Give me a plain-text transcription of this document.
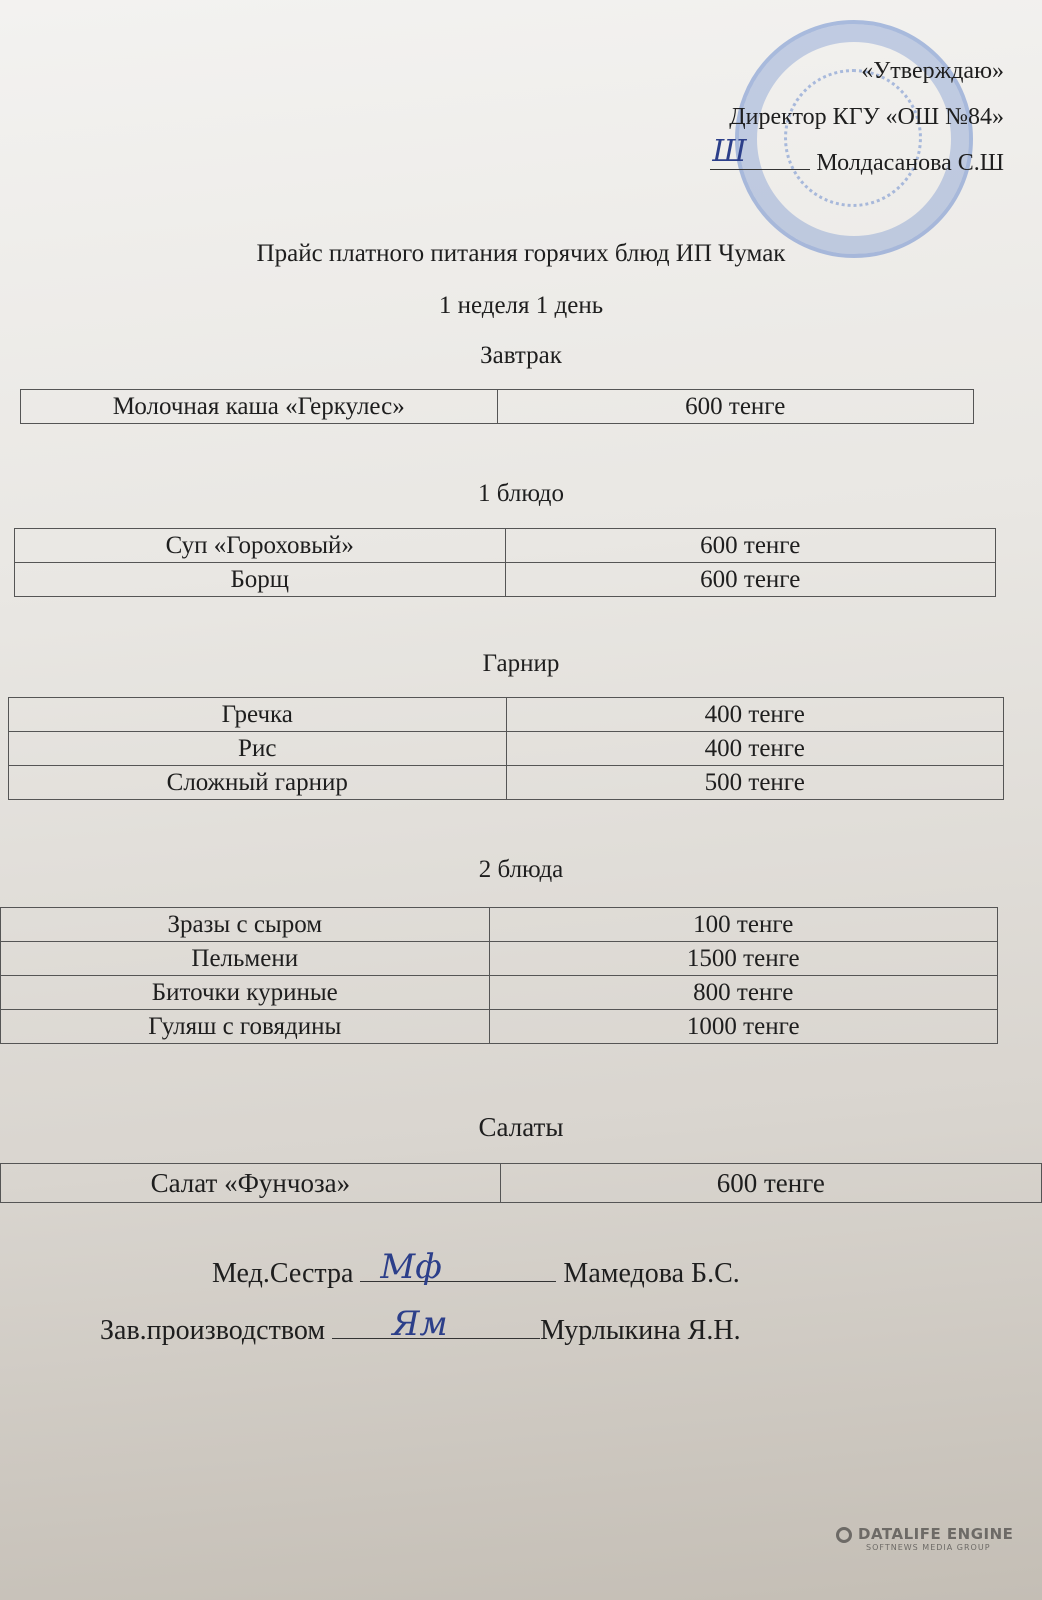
«Утверждаю»
Директор КГУ «ОШ №84»
Ш	Молдасанова С.Ш
Прайс платного питания горячих блюд ИП Чумак
1 неделя 1 день
Завтрак
Молочная каша «Геркулес»	600 тенге
1 блюдо
Суп «Гороховый»	600 тенге
Борщ	600 тенге
Гарнир
Гречка	400 тенге
Рис	400 тенге
Сложный гарнир	500 тенге
2 блюда
Зразы с сыром	100 тенге
Пельмени	1500 тенге
Биточки куриные	800 тенге
Гуляш с говядины	1000 тенге
Салаты
Салат «Фунчоза»	600 тенге
Мед.Сестра Мф	Мамедова Б.С.
Зав.производством Ям	Мурлыкина Я.Н.
DATALIFE ENGINE
SOFTNEWS MEDIA GROUP
